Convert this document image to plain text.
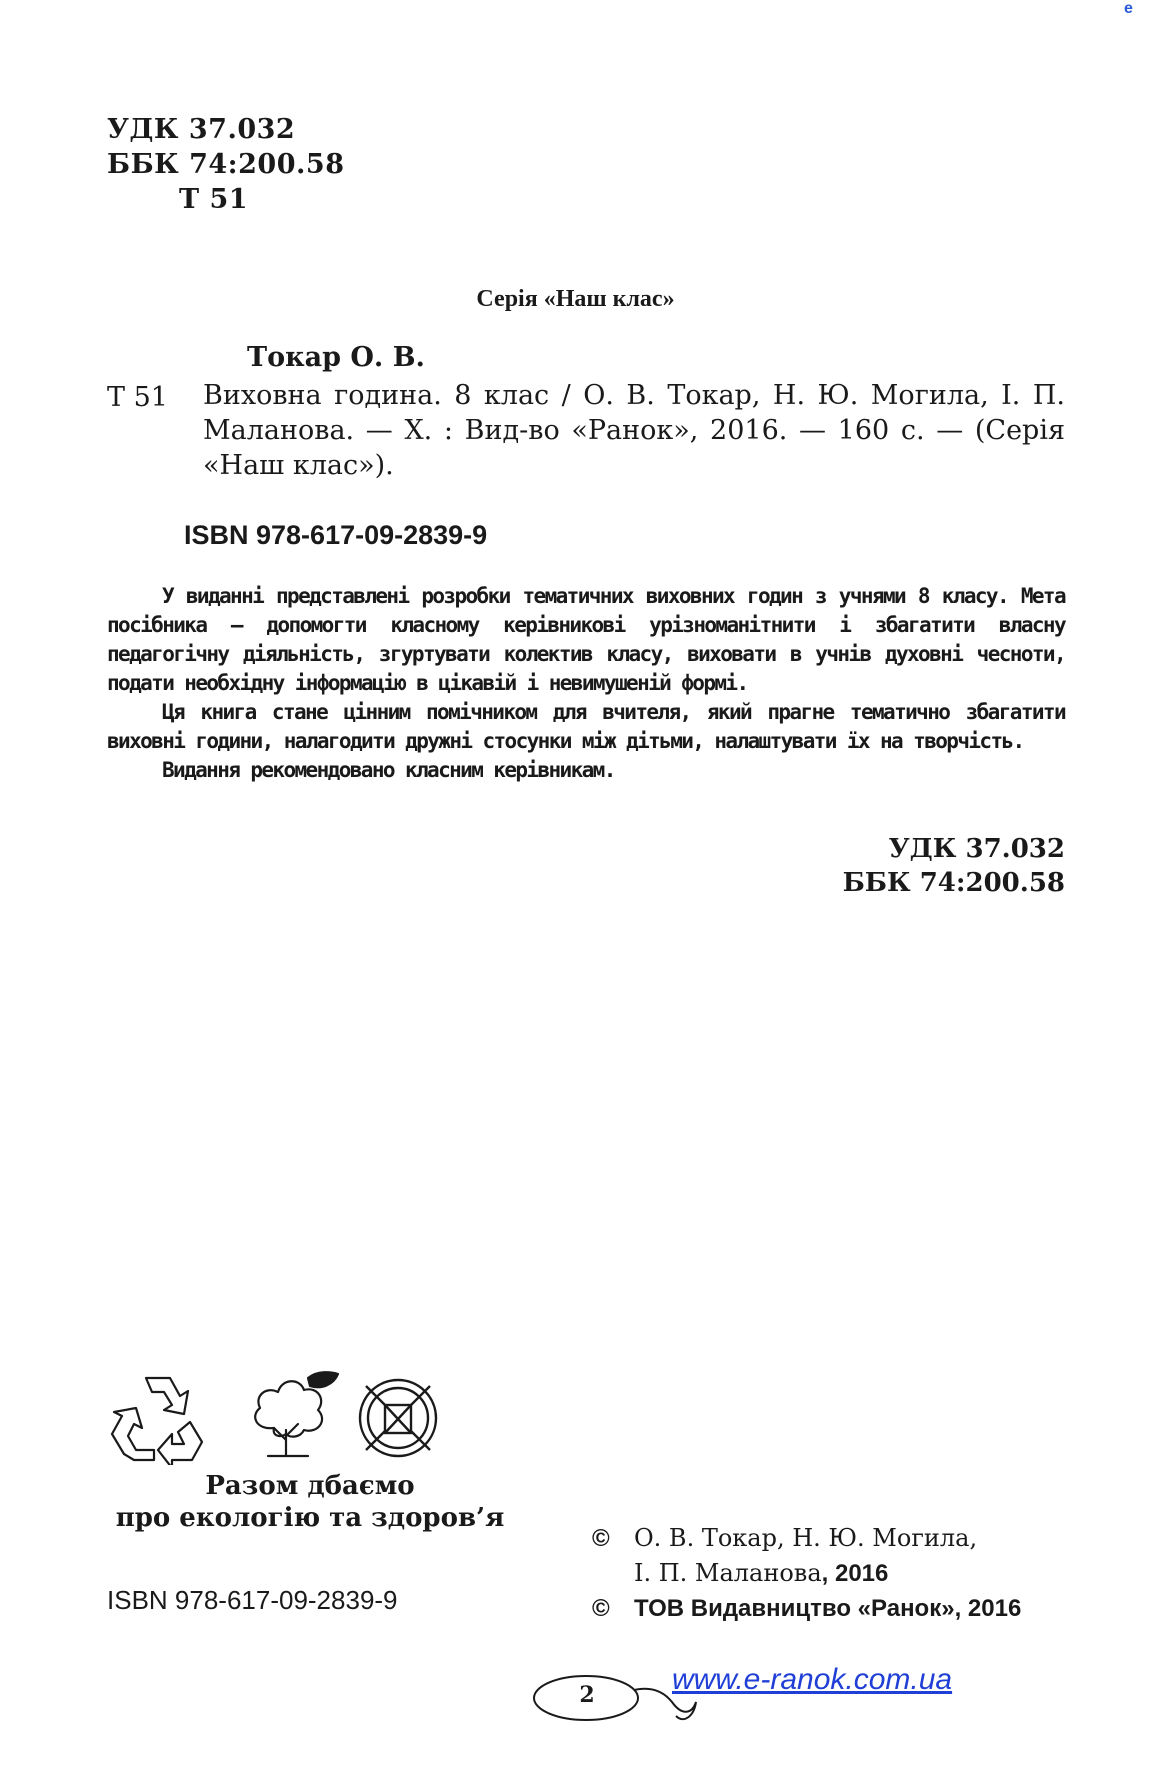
e
УДК 37.032
ББК 74:200.58
Т 51
Серія «Наш клас»
Токар О. В.
Т 51 Виховна година. 8 клас / О. В. Токар, Н. Ю. Могила, І. П. Маланова. — Х. : Вид-во «Ранок», 2016. — 160 с. — (Серія «Наш клас»).
ISBN 978-617-09-2839-9

У виданні представлені розробки тематичних виховних годин з учнями 8 класу. Мета посібника — допомогти класному керівникові урізноманітнити і збагатити власну педагогічну діяльність, згуртувати колектив класу, виховати в учнів духовні чесноти, подати необхідну інформацію в цікавій і невимушеній формі.

Ця книга стане цінним помічником для вчителя, який прагне тематично збагатити виховні години, налагодити дружні стосунки між дітьми, налаштувати їх на творчість.

Видання рекомендовано класним керівникам.

УДК 37.032
ББК 74:200.58
Разом дбаємо
про екологію та здоров’я
ISBN 978-617-09-2839-9
© О. В. Токар, Н. Ю. Могила,
І. П. Маланова, 2016
© ТОВ Видавництво «Ранок», 2016
2	www.e-ranok.com.ua
